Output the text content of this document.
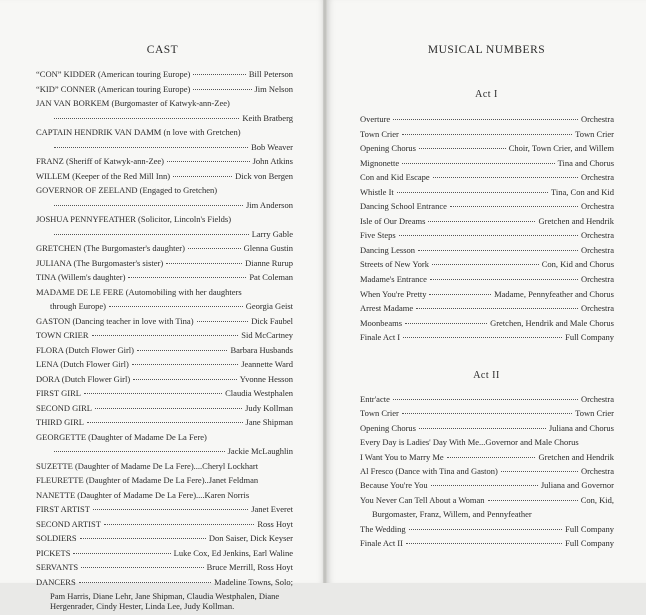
CAST	MUSICAL NUMBERS
Act I
Act II
“CON” KIDDER (American touring Europe)	Bill Peterson
“KID” CONNER (American touring Europe)	Jim Nelson
JAN VAN BORKEM (Burgomaster of Katwyk-ann-Zee)
Keith Bratberg
CAPTAIN HENDRIK VAN DAMM (n love with Gretchen)
Bob Weaver
FRANZ (Sheriff of Katwyk-ann-Zee)	John Atkins
WILLEM (Keeper of the Red Mill Inn)	Dick von Bergen
GOVERNOR OF ZEELAND (Engaged to Gretchen)
Jim Anderson
JOSHUA PENNYFEATHER (Solicitor, Lincoln's Fields)
Larry Gable
GRETCHEN (The Burgomaster's daughter)	Glenna Gustin
JULIANA (The Burgomaster's sister)	Dianne Rurup
TINA (Willem's daughter)	Pat Coleman
MADAME DE LE FERE (Automobiling with her daughters
through Europe)	Georgia Geist
GASTON (Dancing teacher in love with Tina)	Dick Faubel
TOWN CRIER	Sid McCartney
FLORA (Dutch Flower Girl)	Barbara Husbands
LENA (Dutch Flower Girl)	Jeannette Ward
DORA (Dutch Flower Girl)	Yvonne Hesson
FIRST GIRL	Claudia Westphalen
SECOND GIRL	Judy Kollman
THIRD GIRL	Jane Shipman
GEORGETTE (Daughter of Madame De La Fere)
Jackie McLaughlin
SUZETTE (Daughter of Madame De La Fere)....Cheryl Lockhart
FLEURETTE (Daughter of Madame De La Fere)..Janet Feldman
NANETTE (Daughter of Madame De La Fere)....Karen Norris
FIRST ARTIST	Janet Everet
SECOND ARTIST	Ross Hoyt
SOLDIERS	Don Saiser, Dick Keyser
PICKETS	Luke Cox, Ed Jenkins, Earl Waline
SERVANTS	Bruce Merrill, Ross Hoyt
DANCERS	Madeline Towns, Solo;
Pam Harris, Diane Lehr, Jane Shipman, Claudia Westphalen, Diane Hergenrader, Cindy Hester, Linda Lee, Judy Kollman.
Overture	Orchestra
Town Crier	Town Crier
Opening Chorus	Choir, Town Crier, and Willem
Mignonette	Tina and Chorus
Con and Kid Escape	Orchestra
Whistle It	Tina, Con and Kid
Dancing School Entrance	Orchestra
Isle of Our Dreams	Gretchen and Hendrik
Five Steps	Orchestra
Dancing Lesson	Orchestra
Streets of New York	Con, Kid and Chorus
Madame's Entrance	Orchestra
When You're Pretty	Madame, Pennyfeather and Chorus
Arrest Madame	Orchestra
Moonbeams	Gretchen, Hendrik and Male Chorus
Finale Act I	Full Company
Entr'acte	Orchestra
Town Crier	Town Crier
Opening Chorus	Juliana and Chorus
Every Day is Ladies' Day With Me...Governor and Male Chorus
I Want You to Marry Me	Gretchen and Hendrik
Al Fresco (Dance with Tina and Gaston)	Orchestra
Because You're You	Juliana and Governor
You Never Can Tell About a Woman	Con, Kid,
Burgomaster, Franz, Willem, and Pennyfeather
The Wedding	Full Company
Finale Act II	Full Company
